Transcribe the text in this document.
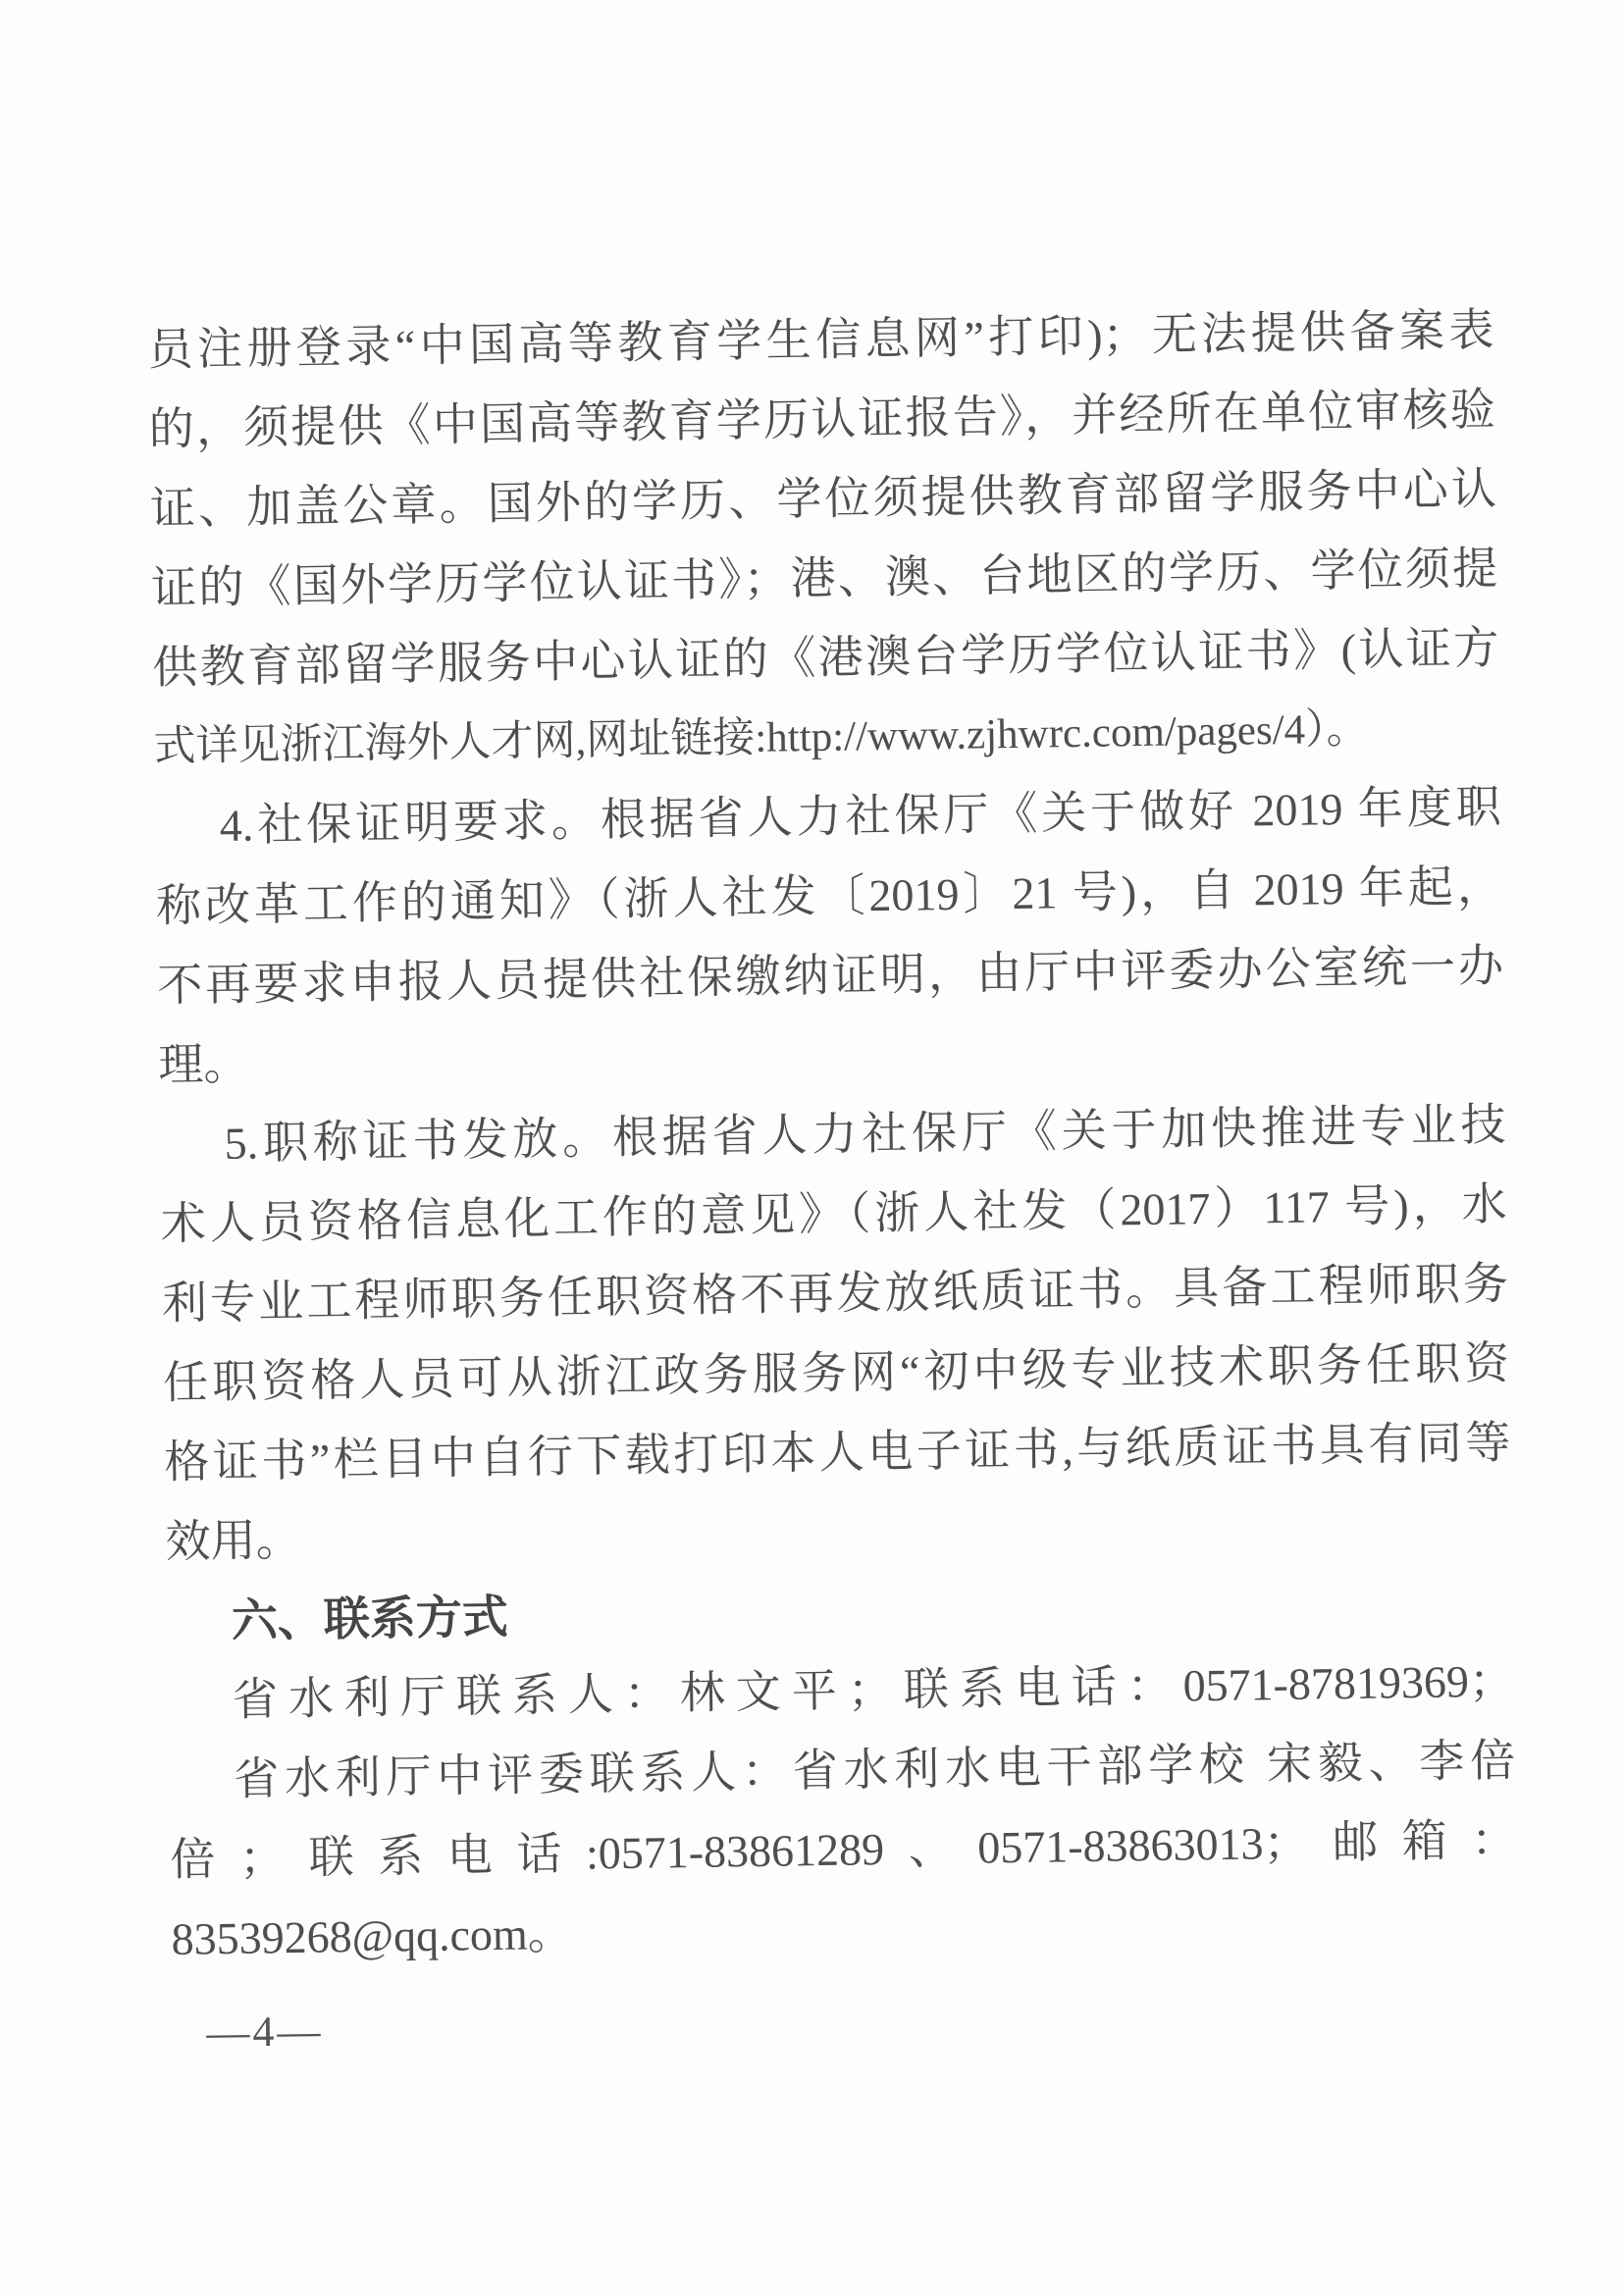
员注册登录“中国高等教育学生信息网”打印)；无法提供备案表
的，须提供《中国高等教育学历认证报告》，并经所在单位审核验
证、加盖公章。国外的学历、学位须提供教育部留学服务中心认
证的《国外学历学位认证书》；港、澳、台地区的学历、学位须提
供教育部留学服务中心认证的《港澳台学历学位认证书》(认证方
式详见浙江海外人才网,网址链接:http://www.zjhwrc.com/pages/4）。
4.社保证明要求。根据省人力社保厅《关于做好 2019 年度职
称改革工作的通知》（浙人社发〔2019〕21 号)，自 2019 年起，
不再要求申报人员提供社保缴纳证明，由厅中评委办公室统一办
理。
5.职称证书发放。根据省人力社保厅《关于加快推进专业技
术人员资格信息化工作的意见》（浙人社发（2017）117 号)，水
利专业工程师职务任职资格不再发放纸质证书。具备工程师职务
任职资格人员可从浙江政务服务网“初中级专业技术职务任职资
格证书”栏目中自行下载打印本人电子证书,与纸质证书具有同等
效用。
六、联系方式
省水利厅联系人：林文平；联系电话：0571-87819369；
省水利厅中评委联系人：省水利水电干部学校 宋毅、李倍
倍；联系电话:0571-83861289、0571-83863013；邮箱：
83539268@qq.com。
—4—
